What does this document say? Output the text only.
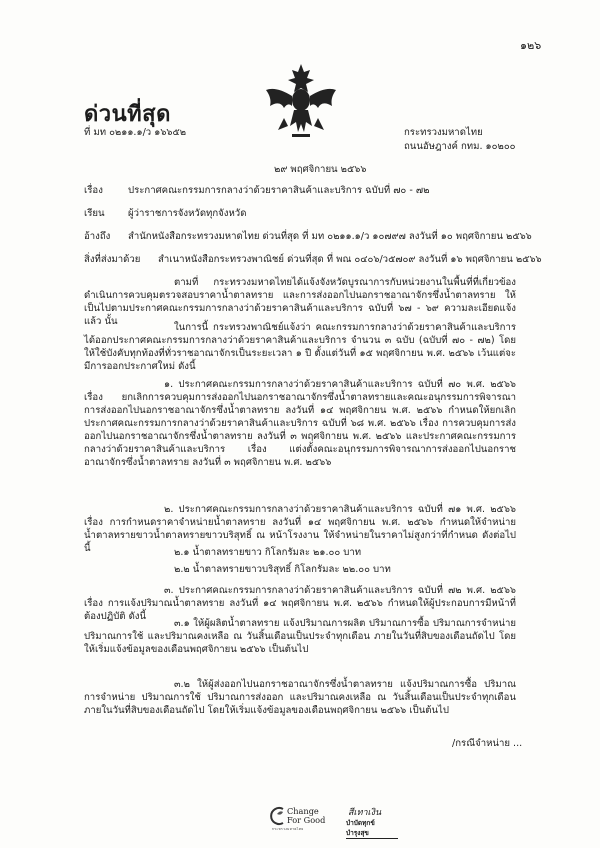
๑๒๖
ด่วนที่สุด
ที่ มท ๐๒๑๑.๑/ว ๑๖๖๕๒	กระทรวงมหาดไทย
ถนนอัษฎางค์ กทม. ๑๐๒๐๐
๒๙ พฤศจิกายน ๒๕๖๖
เรื่อง	ประกาศคณะกรรมการกลางว่าด้วยราคาสินค้าและบริการ ฉบับที่ ๗๐ - ๗๒
เรียน ผู้ว่าราชการจังหวัดทุกจังหวัด
อ้างถึง สำนักหนังสือกระทรวงมหาดไทย ด่วนที่สุด ที่ มท ๐๒๑๑.๑/ว ๑๐๗๙๗ ลงวันที่ ๑๐ พฤศจิกายน ๒๕๖๖
สิ่งที่ส่งมาด้วย สำเนาหนังสือกระทรวงพาณิชย์ ด่วนที่สุด ที่ พณ ๐๔๐๖/ว๕๗๐๙ ลงวันที่ ๑๖ พฤศจิกายน ๒๕๖๖
ตามที่ กระทรวงมหาดไทยได้แจ้งจังหวัดบูรณาการกับหน่วยงานในพื้นที่ที่เกี่ยวข้องดำเนินการควบคุมตรวจสอบราคาน้ำตาลทราย และการส่งออกไปนอกราชอาณาจักรซึ่งน้ำตาลทราย ให้เป็นไปตามประกาศคณะกรรมการกลางว่าด้วยราคาสินค้าและบริการ ฉบับที่ ๖๗ - ๖๙ ความละเอียดแจ้งแล้ว นั้น
ในการนี้ กระทรวงพาณิชย์แจ้งว่า คณะกรรมการกลางว่าด้วยราคาสินค้าและบริการได้ออกประกาศคณะกรรมการกลางว่าด้วยราคาสินค้าและบริการ จำนวน ๓ ฉบับ (ฉบับที่ ๗๐ - ๗๒) โดยให้ใช้บังคับทุกท้องที่ทั่วราชอาณาจักรเป็นระยะเวลา ๑ ปี ตั้งแต่วันที่ ๑๕ พฤศจิกายน พ.ศ. ๒๕๖๖ เว้นแต่จะมีการออกประกาศใหม่ ดังนี้
๑. ประกาศคณะกรรมการกลางว่าด้วยราคาสินค้าและบริการ ฉบับที่ ๗๐ พ.ศ. ๒๕๖๖ เรื่อง ยกเลิกการควบคุมการส่งออกไปนอกราชอาณาจักรซึ่งน้ำตาลทรายและคณะอนุกรรมการพิจารณาการส่งออกไปนอกราชอาณาจักรซึ่งน้ำตาลทราย ลงวันที่ ๑๔ พฤศจิกายน พ.ศ. ๒๕๖๖ กำหนดให้ยกเลิกประกาศคณะกรรมการกลางว่าด้วยราคาสินค้าและบริการ ฉบับที่ ๖๘ พ.ศ. ๒๕๖๖ เรื่อง การควบคุมการส่งออกไปนอกราชอาณาจักรซึ่งน้ำตาลทราย ลงวันที่ ๓ พฤศจิกายน พ.ศ. ๒๕๖๖ และประกาศคณะกรรมการกลางว่าด้วยราคาสินค้าและบริการ เรื่อง แต่งตั้งคณะอนุกรรมการพิจารณาการส่งออกไปนอกราชอาณาจักรซึ่งน้ำตาลทราย ลงวันที่ ๓ พฤศจิกายน พ.ศ. ๒๕๖๖
๒. ประกาศคณะกรรมการกลางว่าด้วยราคาสินค้าและบริการ ฉบับที่ ๗๑ พ.ศ. ๒๕๖๖ เรื่อง การกำหนดราคาจำหน่ายน้ำตาลทราย ลงวันที่ ๑๔ พฤศจิกายน พ.ศ. ๒๕๖๖ กำหนดให้จำหน่ายน้ำตาลทรายขาวน้ำตาลทรายขาวบริสุทธิ์ ณ หน้าโรงงาน ให้จำหน่ายในราคาไม่สูงกว่าที่กำหนด ดังต่อไปนี้	๒.๑ น้ำตาลทรายขาว กิโลกรัมละ ๒๑.๐๐ บาท
๒.๒ น้ำตาลทรายขาวบริสุทธิ์ กิโลกรัมละ ๒๒.๐๐ บาท
๓. ประกาศคณะกรรมการกลางว่าด้วยราคาสินค้าและบริการ ฉบับที่ ๗๒ พ.ศ. ๒๕๖๖ เรื่อง การแจ้งปริมาณน้ำตาลทราย ลงวันที่ ๑๔ พฤศจิกายน พ.ศ. ๒๕๖๖ กำหนดให้ผู้ประกอบการมีหน้าที่ต้องปฏิบัติ ดังนี้
๓.๑ ให้ผู้ผลิตน้ำตาลทราย แจ้งปริมาณการผลิต ปริมาณการซื้อ ปริมาณการจำหน่าย ปริมาณการใช้ และปริมาณคงเหลือ ณ วันสิ้นเดือนเป็นประจำทุกเดือน ภายในวันที่สิบของเดือนถัดไป โดยให้เริ่มแจ้งข้อมูลของเดือนพฤศจิกายน ๒๕๖๖ เป็นต้นไป
๓.๒ ให้ผู้ส่งออกไปนอกราชอาณาจักรซึ่งน้ำตาลทราย แจ้งปริมาณการซื้อ ปริมาณการจำหน่าย ปริมาณการใช้ ปริมาณการส่งออก และปริมาณคงเหลือ ณ วันสิ้นเดือนเป็นประจำทุกเดือนภายในวันที่สิบของเดือนถัดไป โดยให้เริ่มแจ้งข้อมูลของเดือนพฤศจิกายน ๒๕๖๖ เป็นต้นไป
/กรณีจำหน่าย ...
Change
For Good
กระทรวงมหาดไทย
สีเทาเงิน
บำบัดทุกข์ บำรุงสุข
